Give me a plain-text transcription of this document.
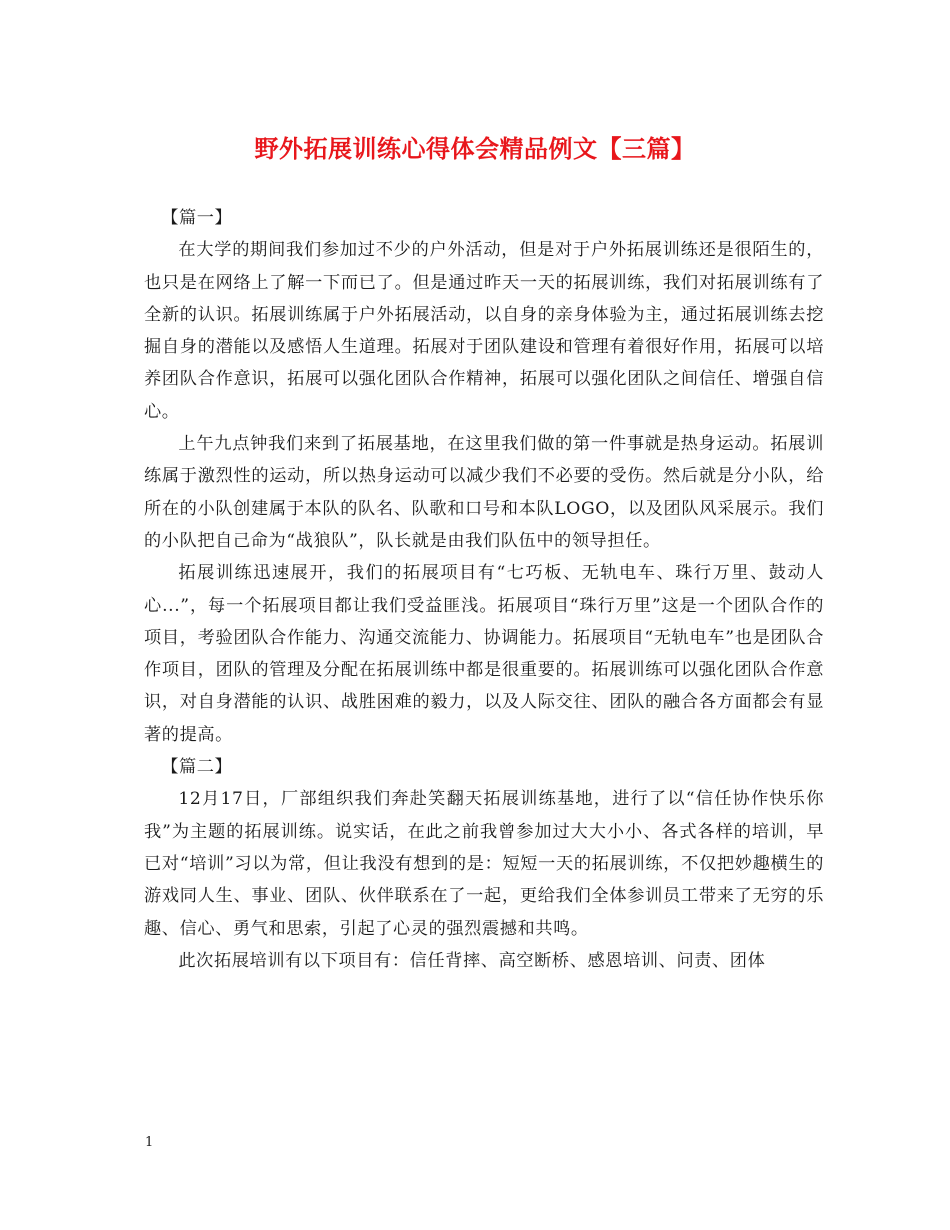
野外拓展训练心得体会精品例文【三篇】

【篇一】

在大学的期间我们参加过不少的户外活动，但是对于户外拓展训练还是很陌生的，也只是在网络上了解一下而已了。但是通过昨天一天的拓展训练，我们对拓展训练有了全新的认识。拓展训练属于户外拓展活动，以自身的亲身体验为主，通过拓展训练去挖掘自身的潜能以及感悟人生道理。拓展对于团队建设和管理有着很好作用，拓展可以培养团队合作意识，拓展可以强化团队合作精神，拓展可以强化团队之间信任、增强自信心。

上午九点钟我们来到了拓展基地，在这里我们做的第一件事就是热身运动。拓展训练属于激烈性的运动，所以热身运动可以减少我们不必要的受伤。然后就是分小队，给所在的小队创建属于本队的队名、队歌和口号和本队LOGO，以及团队风采展示。我们的小队把自己命为“战狼队”，队长就是由我们队伍中的领导担任。

拓展训练迅速展开，我们的拓展项目有“七巧板、无轨电车、珠行万里、鼓动人心...”，每一个拓展项目都让我们受益匪浅。拓展项目“珠行万里”这是一个团队合作的项目，考验团队合作能力、沟通交流能力、协调能力。拓展项目“无轨电车”也是团队合作项目，团队的管理及分配在拓展训练中都是很重要的。拓展训练可以强化团队合作意识，对自身潜能的认识、战胜困难的毅力，以及人际交往、团队的融合各方面都会有显著的提高。

【篇二】

12月17日，厂部组织我们奔赴笑翻天拓展训练基地，进行了以“信任协作快乐你我”为主题的拓展训练。说实话，在此之前我曾参加过大大小小、各式各样的培训，早已对“培训”习以为常，但让我没有想到的是：短短一天的拓展训练，不仅把妙趣横生的游戏同人生、事业、团队、伙伴联系在了一起，更给我们全体参训员工带来了无穷的乐趣、信心、勇气和思索，引起了心灵的强烈震撼和共鸣。

此次拓展培训有以下项目有：信任背摔、高空断桥、感恩培训、问责、团体

1
